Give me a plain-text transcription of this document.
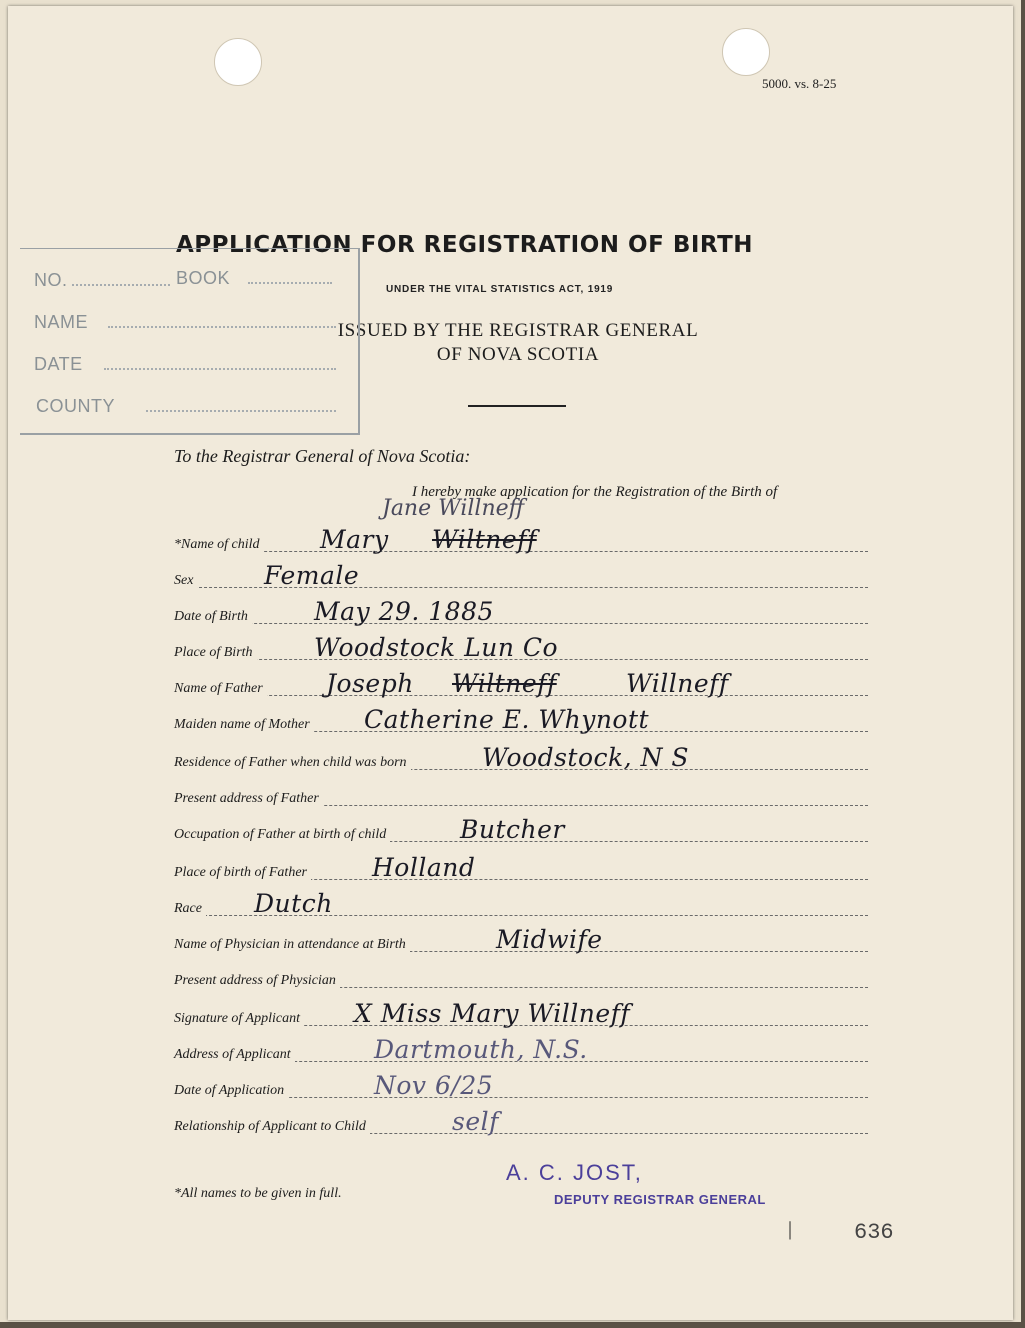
5000. vs. 8-25
APPLICATION FOR REGISTRATION OF BIRTH
UNDER THE VITAL STATISTICS ACT, 1919
ISSUED BY THE REGISTRAR GENERAL
OF NOVA SCOTIA
NO.	BOOK
NAME
DATE
COUNTY
To the Registrar General of Nova Scotia:
I hereby make application for the Registration of the Birth of
Jane Willneff
*Name of child Mary Wiltneff
Sex	Female
Date of Birth	May 29. 1885
Place of Birth Woodstock Lun Co
Name of Father	Joseph Wiltneff	Willneff
Maiden name of Mother Catherine E. Whynott
Residence of Father when child was born	Woodstock, N S
Present address of Father
Occupation of Father at birth of child	Butcher
Place of birth of Father	Holland
Race Dutch
Name of Physician in attendance at Birth	Midwife
Present address of Physician
Signature of Applicant X Miss Mary Willneff
Address of Applicant	Dartmouth, N.S.
Date of Application	Nov 6/25
Relationship of Applicant to Child	self
*All names to be given in full.
A. C. JOST,
DEPUTY REGISTRAR GENERAL
|	636
